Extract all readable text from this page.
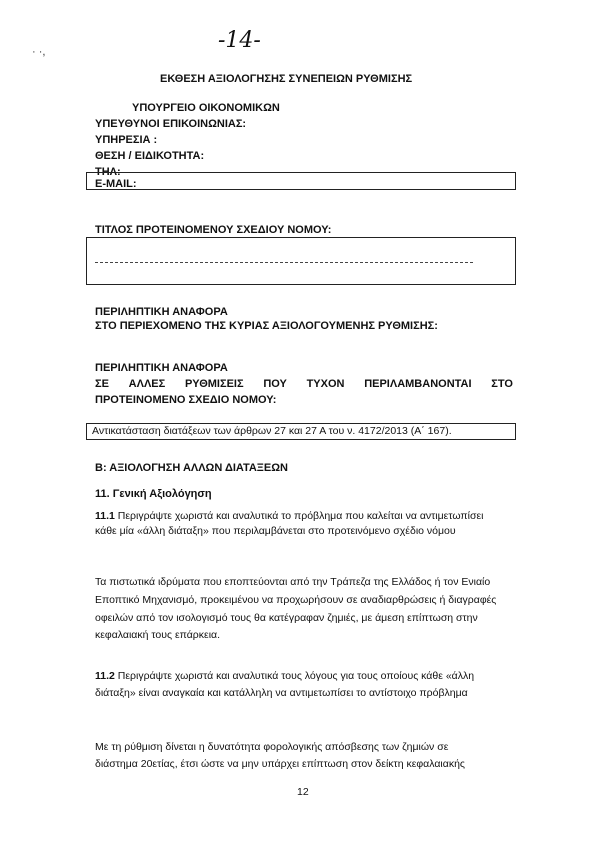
-14-
· ·,
ΕΚΘΕΣΗ ΑΞΙΟΛΟΓΗΣΗΣ ΣΥΝΕΠΕΙΩΝ ΡΥΘΜΙΣΗΣ
ΥΠΟΥΡΓΕΙΟ ΟΙΚΟΝΟΜΙΚΩΝ
ΥΠΕΥΘΥΝΟΙ ΕΠΙΚΟΙΝΩΝΙΑΣ:
ΥΠΗΡΕΣΙΑ :
ΘΕΣΗ / ΕΙΔΙΚΟΤΗΤΑ:
ΤΗΛ:
E-MAIL:
ΤΙΤΛΟΣ ΠΡΟΤΕΙΝΟΜΕΝΟΥ ΣΧΕΔΙΟΥ ΝΟΜΟΥ:
ΠΕΡΙΛΗΠΤΙΚΗ ΑΝΑΦΟΡΑ
ΣΤΟ ΠΕΡΙΕΧΟΜΕΝΟ ΤΗΣ ΚΥΡΙΑΣ ΑΞΙΟΛΟΓΟΥΜΕΝΗΣ ΡΥΘΜΙΣΗΣ:
ΠΕΡΙΛΗΠΤΙΚΗ ΑΝΑΦΟΡΑ
ΣΕ ΑΛΛΕΣ ΡΥΘΜΙΣΕΙΣ ΠΟΥ ΤΥΧΟΝ ΠΕΡΙΛΑΜΒΑΝΟΝΤΑΙ ΣΤΟ
ΠΡΟΤΕΙΝΟΜΕΝΟ ΣΧΕΔΙΟ ΝΟΜΟΥ:
Αντικατάσταση διατάξεων των άρθρων 27 και 27 Α του ν. 4172/2013 (Α΄ 167).
Β: ΑΞΙΟΛΟΓΗΣΗ ΑΛΛΩΝ ΔΙΑΤΑΞΕΩΝ
11. Γενική Αξιολόγηση
11.1 Περιγράψτε χωριστά και αναλυτικά το πρόβλημα που καλείται να αντιμετωπίσει
κάθε μία «άλλη διάταξη» που περιλαμβάνεται στο προτεινόμενο σχέδιο νόμου
Τα πιστωτικά ιδρύματα που εποπτεύονται από την Τράπεζα της Ελλάδος ή τον Ενιαίο
Εποπτικό Μηχανισμό, προκειμένου να προχωρήσουν σε αναδιαρθρώσεις ή διαγραφές
οφειλών από τον ισολογισμό τους θα κατέγραφαν ζημιές, με άμεση επίπτωση στην
κεφαλαιακή τους επάρκεια.
11.2 Περιγράψτε χωριστά και αναλυτικά τους λόγους για τους οποίους κάθε «άλλη
διάταξη» είναι αναγκαία και κατάλληλη να αντιμετωπίσει το αντίστοιχο πρόβλημα
Με τη ρύθμιση δίνεται η δυνατότητα φορολογικής απόσβεσης των ζημιών σε
διάστημα 20ετίας, έτσι ώστε να μην υπάρχει επίπτωση στον δείκτη κεφαλαιακής
12
